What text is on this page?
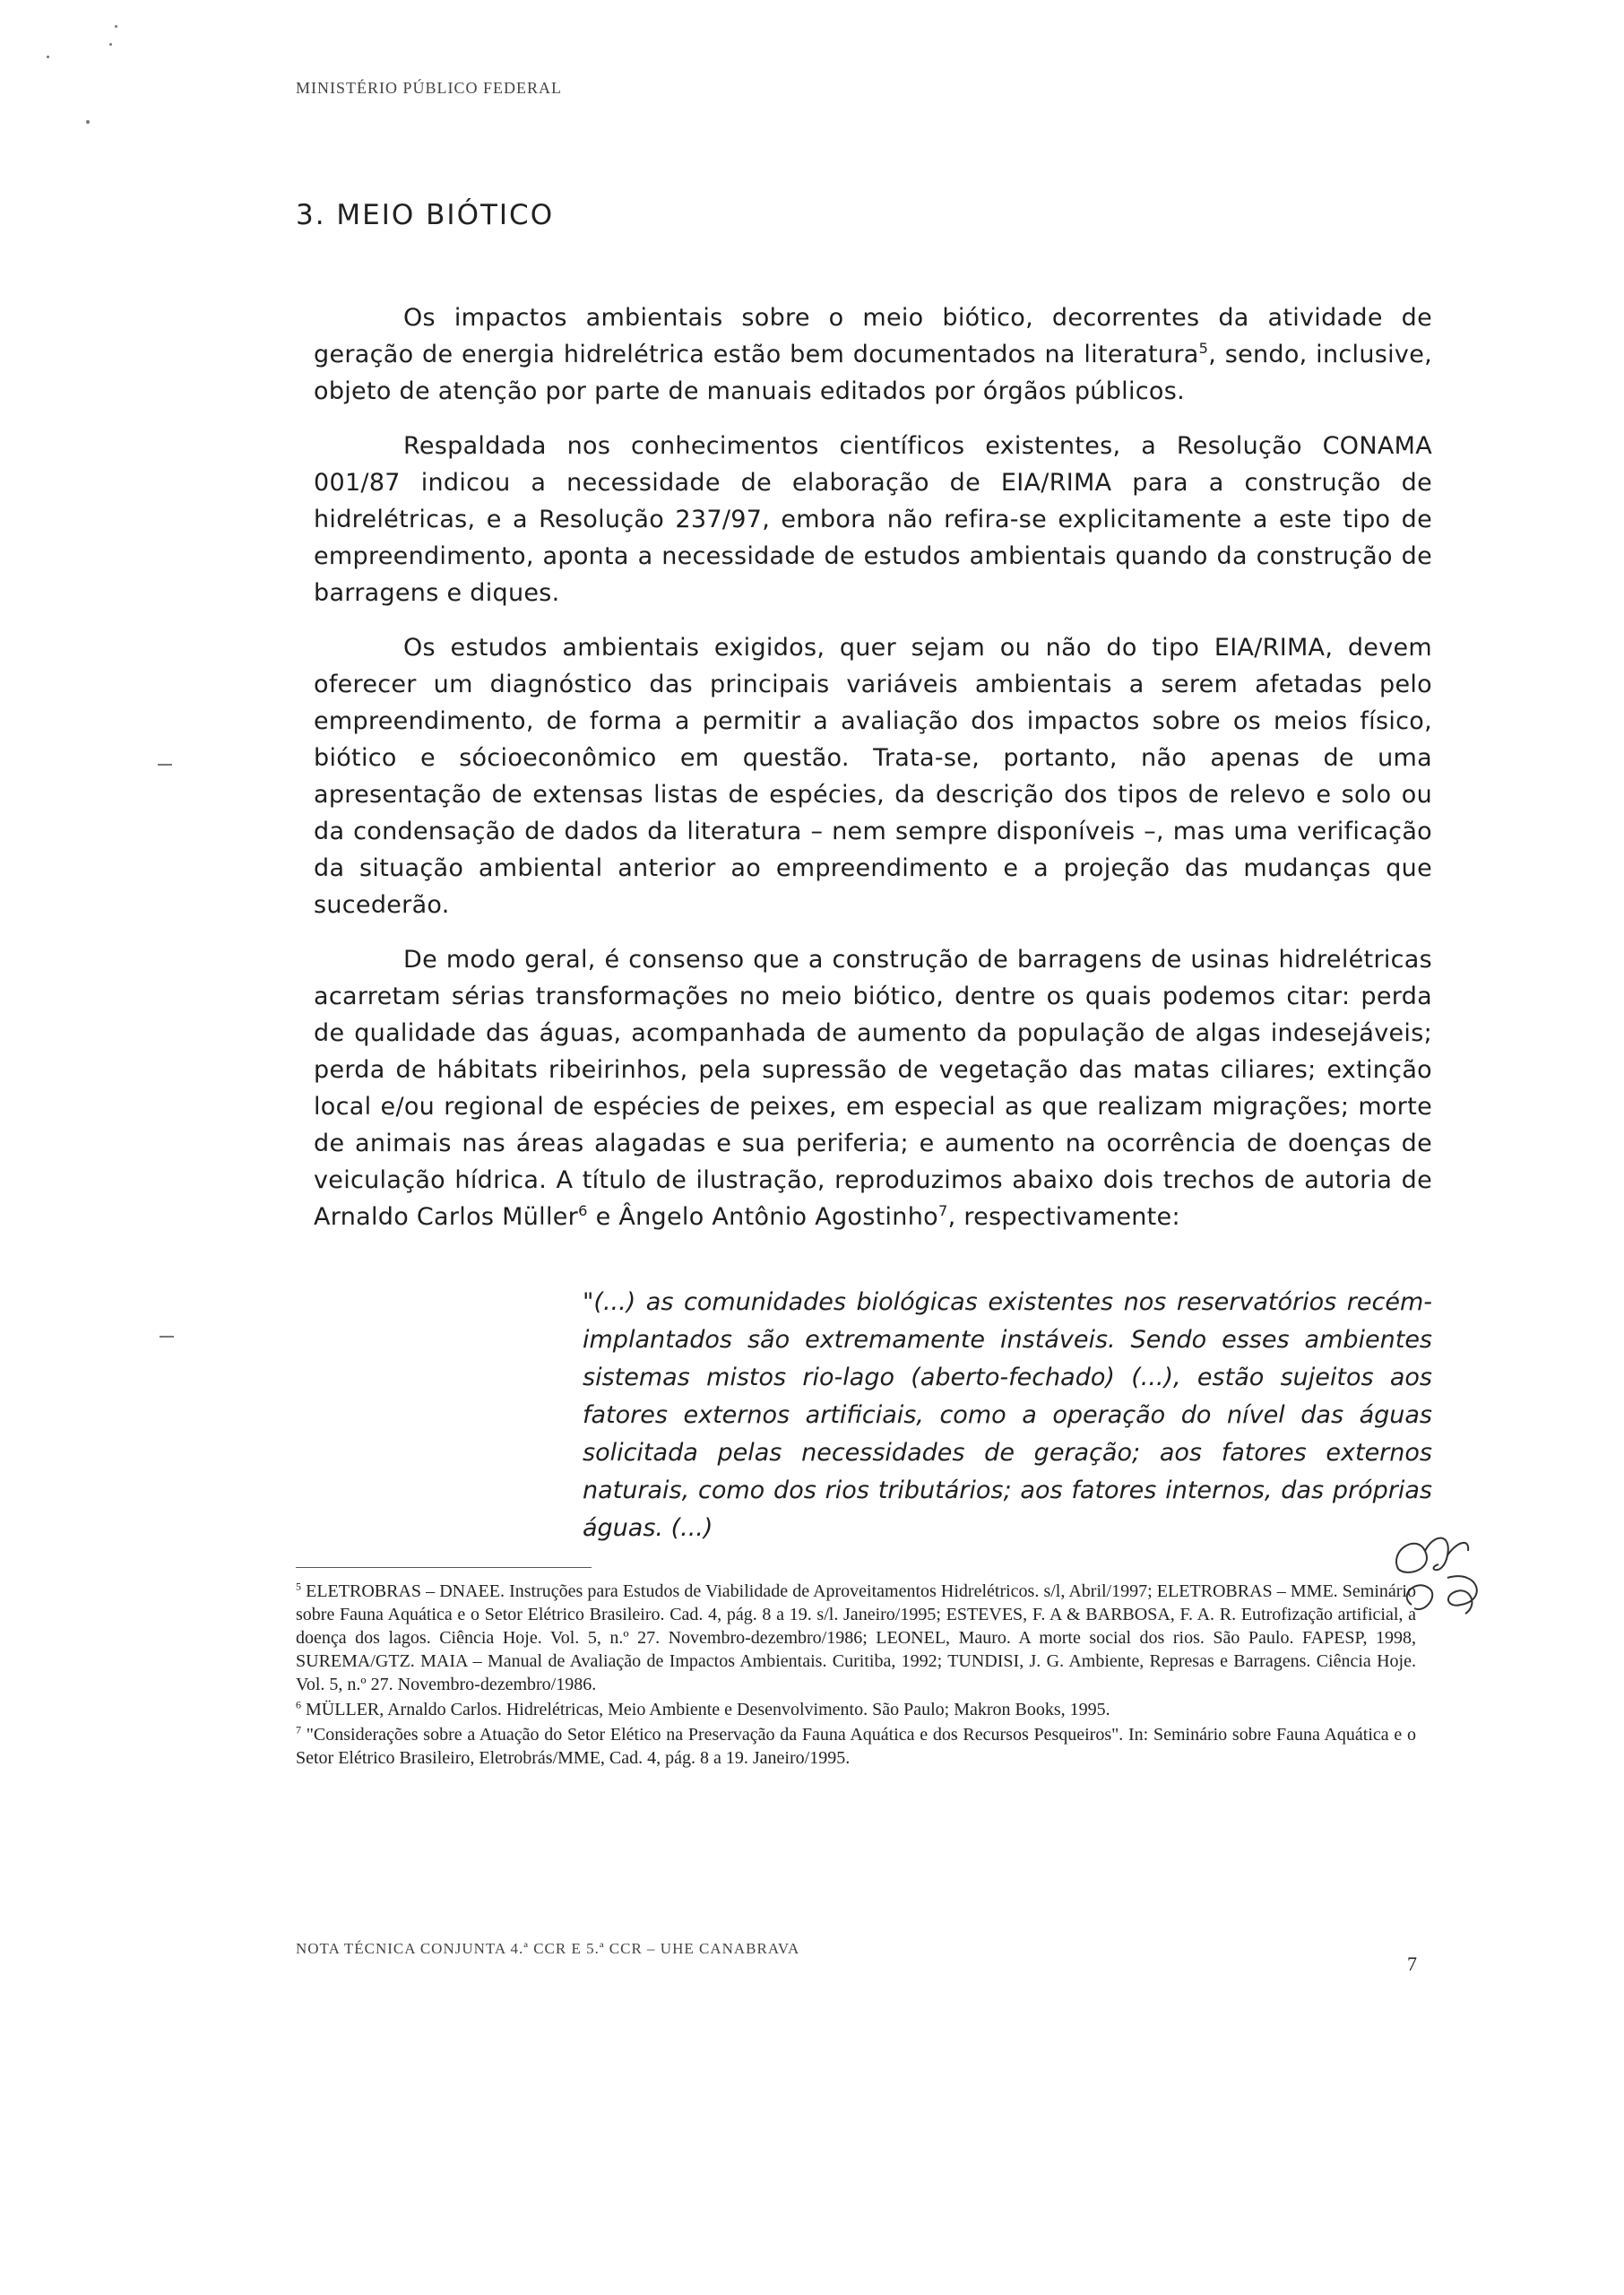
MINISTÉRIO PÚBLICO FEDERAL
3. MEIO BIÓTICO

Os impactos ambientais sobre o meio biótico, decorrentes da atividade de geração de energia hidrelétrica estão bem documentados na literatura$^5$, sendo, inclusive, objeto de atenção por parte de manuais editados por órgãos públicos.

Respaldada nos conhecimentos científicos existentes, a Resolução CONAMA 001/87 indicou a necessidade de elaboração de EIA/RIMA para a construção de hidrelétricas, e a Resolução 237/97, embora não refira-se explicitamente a este tipo de empreendimento, aponta a necessidade de estudos ambientais quando da construção de barragens e diques.

Os estudos ambientais exigidos, quer sejam ou não do tipo EIA/RIMA, devem oferecer um diagnóstico das principais variáveis ambientais a serem afetadas pelo empreendimento, de forma a permitir a avaliação dos impactos sobre os meios físico, biótico e sócioeconômico em questão. Trata-se, portanto, não apenas de uma apresentação de extensas listas de espécies, da descrição dos tipos de relevo e solo ou da condensação de dados da literatura – nem sempre disponíveis –, mas uma verificação da situação ambiental anterior ao empreendimento e a projeção das mudanças que sucederão.

De modo geral, é consenso que a construção de barragens de usinas hidrelétricas acarretam sérias transformações no meio biótico, dentre os quais podemos citar: perda de qualidade das águas, acompanhada de aumento da população de algas indesejáveis; perda de hábitats ribeirinhos, pela supressão de vegetação das matas ciliares; extinção local e/ou regional de espécies de peixes, em especial as que realizam migrações; morte de animais nas áreas alagadas e sua periferia; e aumento na ocorrência de doenças de veiculação hídrica. A título de ilustração, reproduzimos abaixo dois trechos de autoria de Arnaldo Carlos Müller$^6$ e Ângelo Antônio Agostinho$^7$, respectivamente:

"(...) as comunidades biológicas existentes nos reservatórios recém-implantados são extremamente instáveis. Sendo esses ambientes sistemas mistos rio-lago (aberto-fechado) (...), estão sujeitos aos fatores externos artificiais, como a operação do nível das águas solicitada pelas necessidades de geração; aos fatores externos naturais, como dos rios tributários; aos fatores internos, das próprias águas. (...)

$^5$ ELETROBRAS – DNAEE. Instruções para Estudos de Viabilidade de Aproveitamentos Hidrelétricos. s/l, Abril/1997; ELETROBRAS – MME. Seminário sobre Fauna Aquática e o Setor Elétrico Brasileiro. Cad. 4, pág. 8 a 19. s/l. Janeiro/1995; ESTEVES, F. A & BARBOSA, F. A. R. Eutrofização artificial, a doença dos lagos. Ciência Hoje. Vol. 5, n.º 27. Novembro-dezembro/1986; LEONEL, Mauro. A morte social dos rios. São Paulo. FAPESP, 1998, SUREMA/GTZ. MAIA – Manual de Avaliação de Impactos Ambientais. Curitiba, 1992; TUNDISI, J. G. Ambiente, Represas e Barragens. Ciência Hoje. Vol. 5, n.º 27. Novembro-dezembro/1986.

$^6$ MÜLLER, Arnaldo Carlos. Hidrelétricas, Meio Ambiente e Desenvolvimento. São Paulo; Makron Books, 1995.

$^7$ "Considerações sobre a Atuação do Setor Elético na Preservação da Fauna Aquática e dos Recursos Pesqueiros". In: Seminário sobre Fauna Aquática e o Setor Elétrico Brasileiro, Eletrobrás/MME, Cad. 4, pág. 8 a 19. Janeiro/1995.

NOTA TÉCNICA CONJUNTA 4.ª CCR E 5.ª CCR – UHE CANABRAVA
7
